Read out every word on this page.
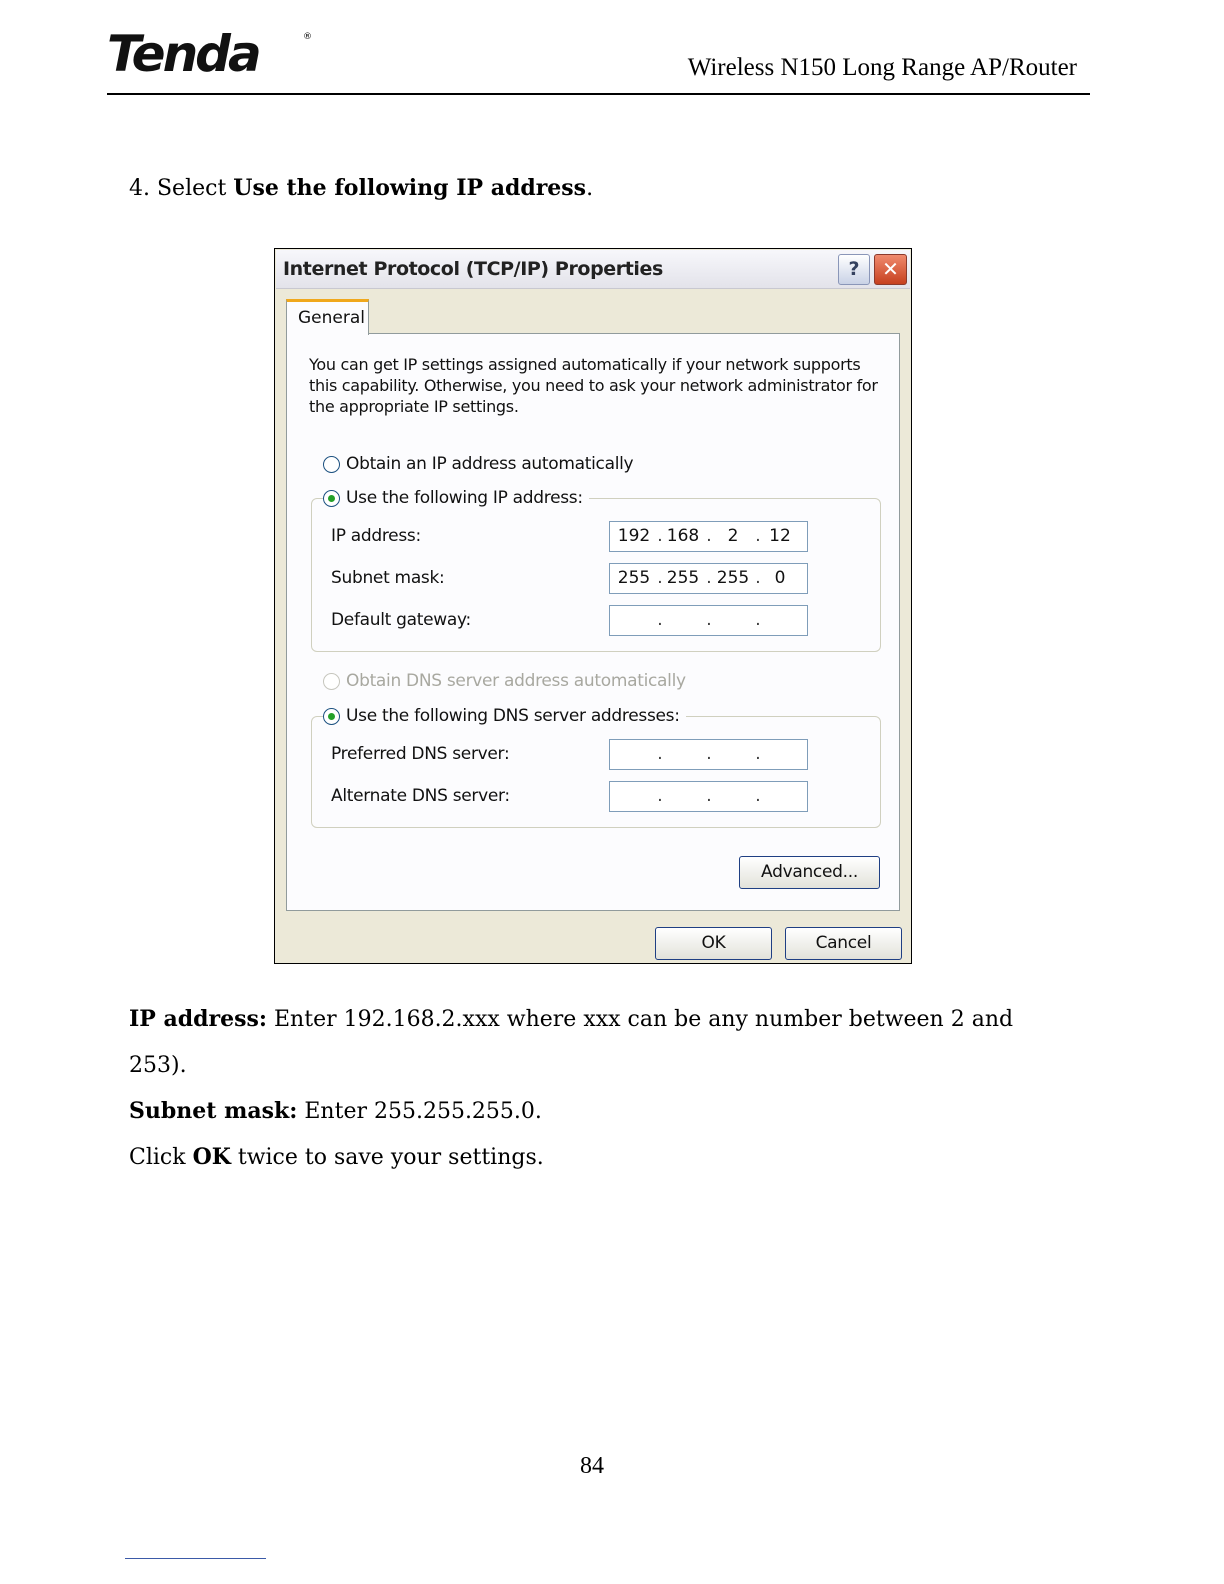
Tenda	®
Wireless N150 Long Range AP/Router
4. Select Use the following IP address.
Internet Protocol (TCP/IP) Properties	?	✕
General
You can get IP settings assigned automatically if your network supports this capability. Otherwise, you need to ask your network administrator for the appropriate IP settings.
Obtain an IP address automatically
Use the following IP address:
IP address:	192 . 168 . 2 . 12
Subnet mask:	255 . 255 . 255 . 0
Default gateway:	.	.	.
Obtain DNS server address automatically
Use the following DNS server addresses:
Preferred DNS server:	.	.	.
Alternate DNS server:	.	.	.
Advanced...
OK	Cancel
IP address: Enter 192.168.2.xxx where xxx can be any number between 2 and
253).
Subnet mask: Enter 255.255.255.0.
Click OK twice to save your settings.
84
